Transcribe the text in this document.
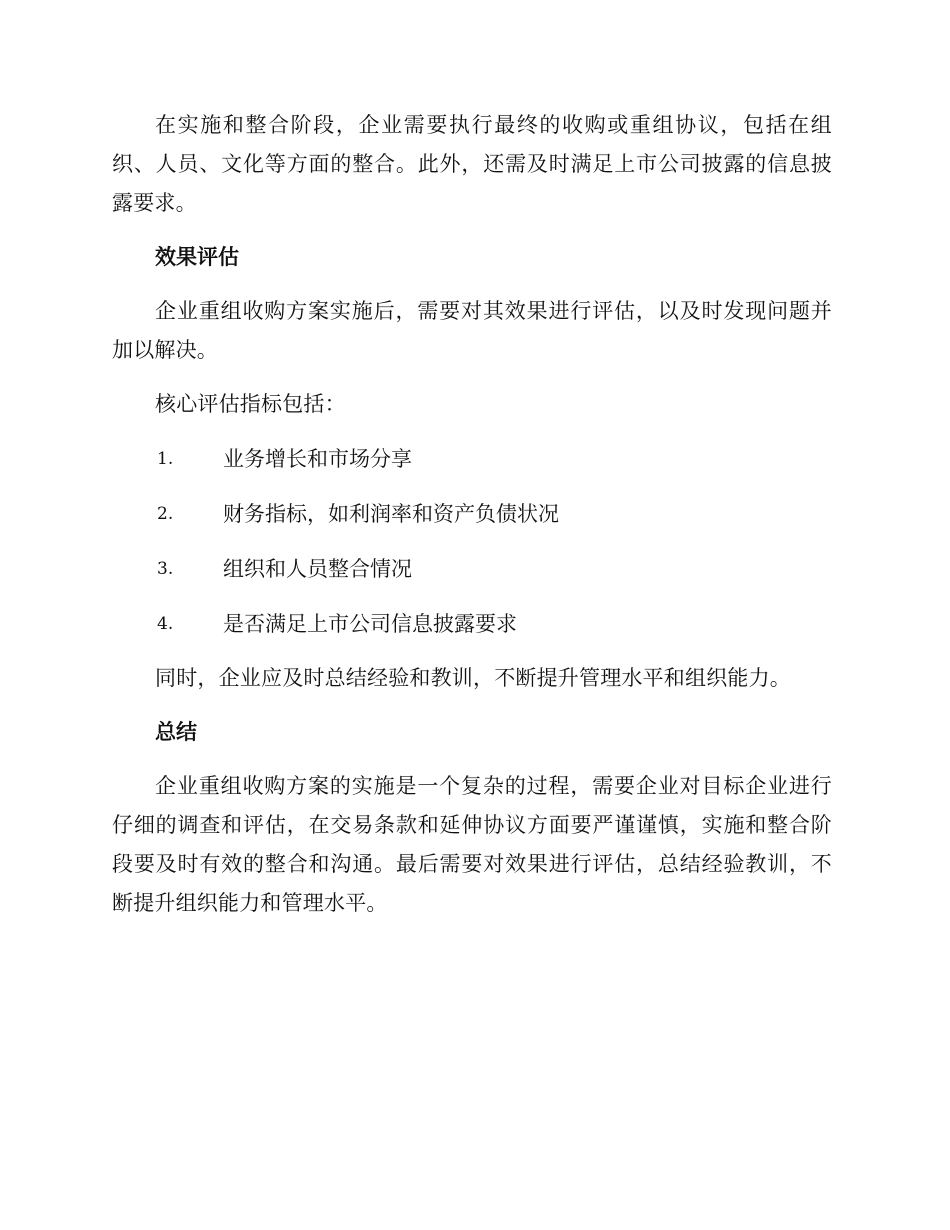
在实施和整合阶段，企业需要执行最终的收购或重组协议，包括在组织、人员、文化等方面的整合。此外，还需及时满足上市公司披露的信息披露要求。

效果评估

企业重组收购方案实施后，需要对其效果进行评估，以及时发现问题并加以解决。

核心评估指标包括：

1. 业务增长和市场分享
2. 财务指标，如利润率和资产负债状况
3. 组织和人员整合情况
4. 是否满足上市公司信息披露要求

同时，企业应及时总结经验和教训，不断提升管理水平和组织能力。

总结

企业重组收购方案的实施是一个复杂的过程，需要企业对目标企业进行仔细的调查和评估，在交易条款和延伸协议方面要严谨谨慎，实施和整合阶段要及时有效的整合和沟通。最后需要对效果进行评估，总结经验教训，不断提升组织能力和管理水平。
